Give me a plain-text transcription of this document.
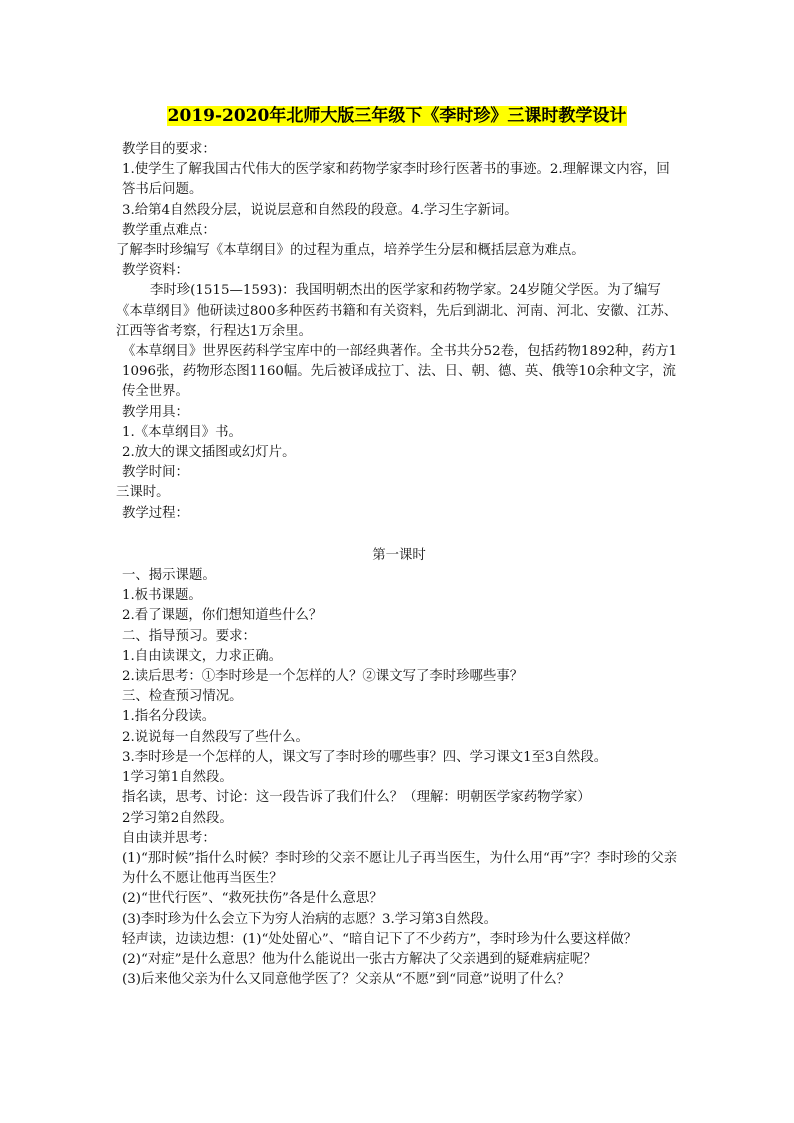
2019-2020年北师大版三年级下《李时珍》三课时教学设计

教学目的要求：

1.使学生了解我国古代伟大的医学家和药物学家李时珍行医著书的事迹。2.理解课文内容，回答书后问题。

3.给第4自然段分层，说说层意和自然段的段意。4.学习生字新词。

教学重点难点：

了解李时珍编写《本草纲目》的过程为重点，培养学生分层和概括层意为难点。

教学资料：

李时珍(1515—1593)：我国明朝杰出的医学家和药物学家。24岁随父学医。为了编写《本草纲目》他研读过800多种医药书籍和有关资料，先后到湖北、河南、河北、安徽、江苏、江西等省考察，行程达1万余里。

《本草纲目》世界医药科学宝库中的一部经典著作。全书共分52卷，包括药物1892种，药方11096张，药物形态图1160幅。先后被译成拉丁、法、日、朝、德、英、俄等10余种文字，流传全世界。

教学用具：

1.《本草纲目》书。

2.放大的课文插图或幻灯片。

教学时间：

三课时。

教学过程：

第一课时

一、揭示课题。

1.板书课题。

2.看了课题，你们想知道些什么？

二、指导预习。要求：

1.自由读课文，力求正确。

2.读后思考：①李时珍是一个怎样的人？②课文写了李时珍哪些事？

三、检查预习情况。

1.指名分段读。

2.说说每一自然段写了些什么。

3.李时珍是一个怎样的人，课文写了李时珍的哪些事？四、学习课文1至3自然段。

1学习第1自然段。

指名读，思考、讨论：这一段告诉了我们什么？（理解：明朝医学家药物学家）

2学习第2自然段。

自由读并思考：

(1)“那时候”指什么时候？李时珍的父亲不愿让儿子再当医生，为什么用“再”字？李时珍的父亲为什么不愿让他再当医生？

(2)“世代行医”、“救死扶伤”各是什么意思？

(3)李时珍为什么会立下为穷人治病的志愿？3.学习第3自然段。

轻声读，边读边想：(1)“处处留心”、“暗自记下了不少药方”，李时珍为什么要这样做？

(2)“对症”是什么意思？他为什么能说出一张古方解决了父亲遇到的疑难病症呢？

(3)后来他父亲为什么又同意他学医了？父亲从“不愿”到“同意”说明了什么？
